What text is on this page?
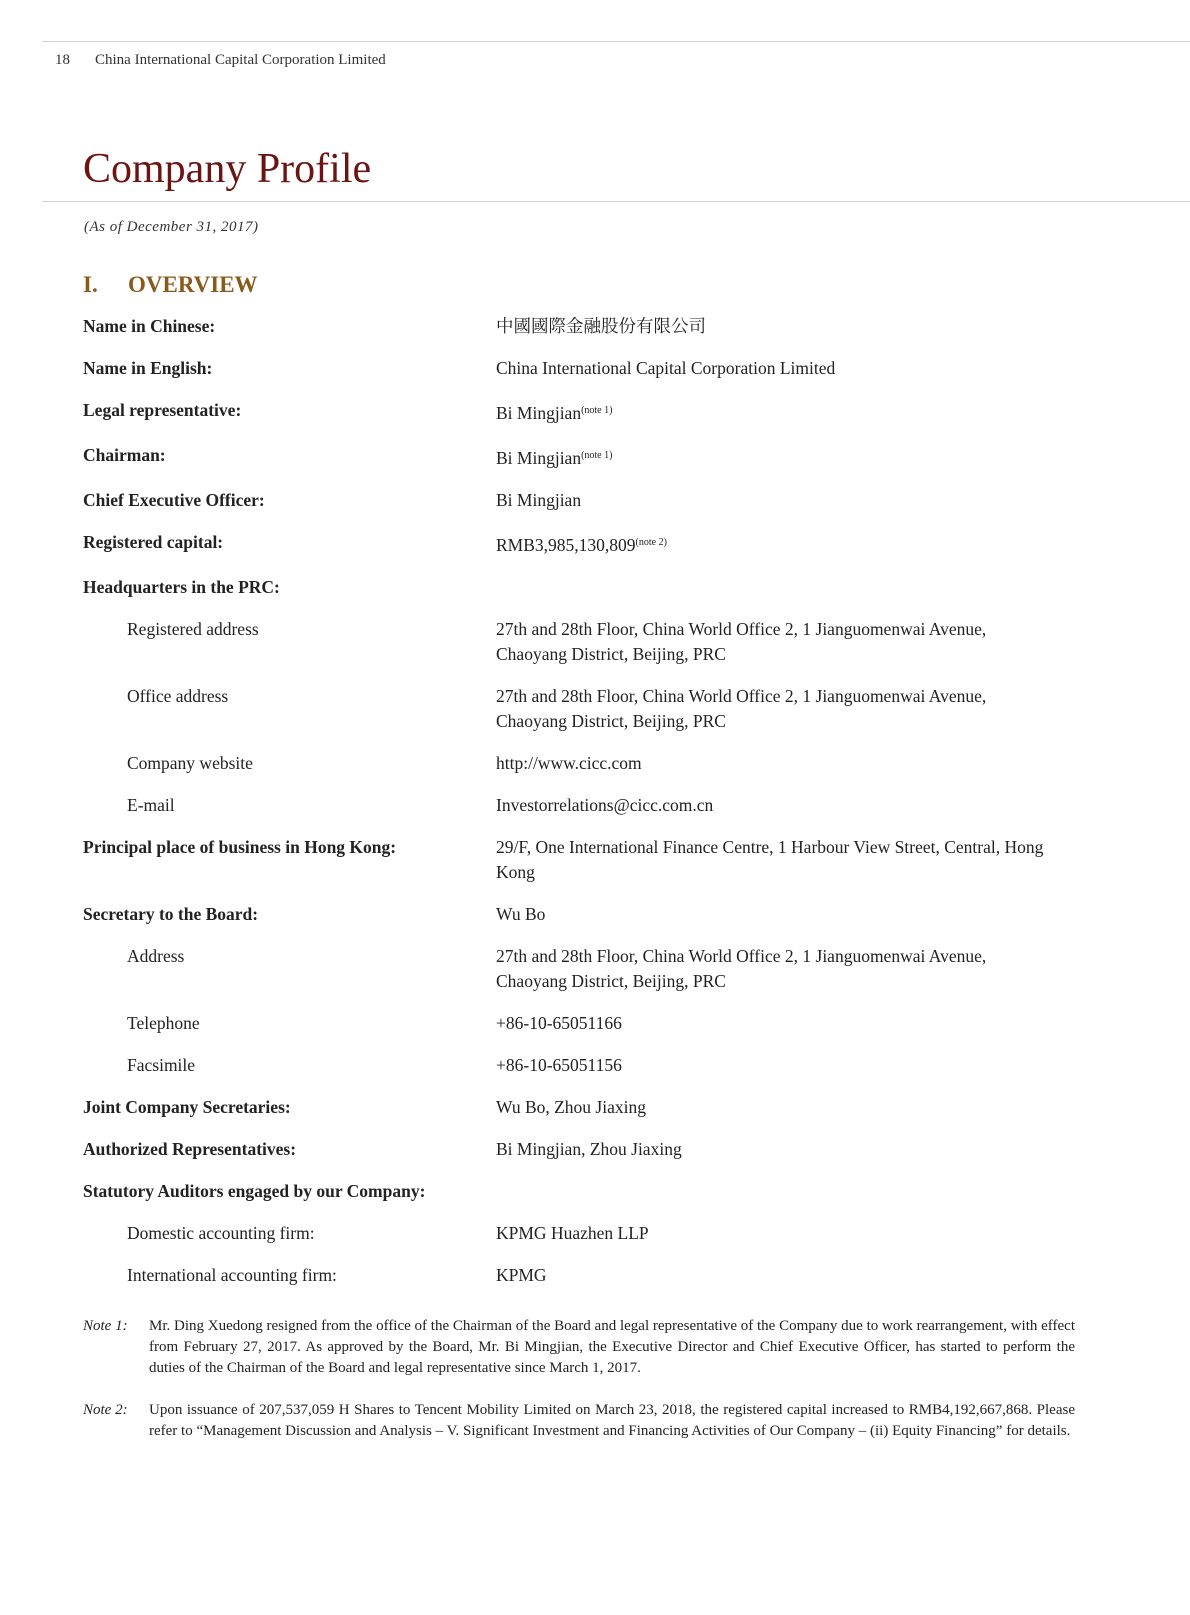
18 China International Capital Corporation Limited
Company Profile
(As of December 31, 2017)
I. OVERVIEW
Name in Chinese:	中國國際金融股份有限公司
Name in English:	China International Capital Corporation Limited
Legal representative:	Bi Mingjian$^{(note 1)}$
Chairman:	Bi Mingjian$^{(note 1)}$
Chief Executive Officer:	Bi Mingjian
Registered capital:	$RMB3,985,130,809^{(note 2)}$
Headquarters in the PRC:
Registered address	27th and 28th Floor, China World Office 2, 1 Jianguomenwai Avenue, Chaoyang District, Beijing, PRC
Office address	27th and 28th Floor, China World Office 2, 1 Jianguomenwai Avenue, Chaoyang District, Beijing, PRC
Company website	http://www.cicc.com
E-mail	Investorrelations@cicc.com.cn
Principal place of business in Hong Kong:	29/F, One International Finance Centre, 1 Harbour View Street, Central, Hong Kong
Secretary to the Board:	Wu Bo
Address	27th and 28th Floor, China World Office 2, 1 Jianguomenwai Avenue, Chaoyang District, Beijing, PRC
Telephone	+86-10-65051166
Facsimile	+86-10-65051156
Joint Company Secretaries:	Wu Bo, Zhou Jiaxing
Authorized Representatives:	Bi Mingjian, Zhou Jiaxing
Statutory Auditors engaged by our Company:
Domestic accounting firm:	KPMG Huazhen LLP
International accounting firm:	KPMG
Note 1:	Mr. Ding Xuedong resigned from the office of the Chairman of the Board and legal representative of the Company due to work rearrangement, with effect from February 27, 2017. As approved by the Board, Mr. Bi Mingjian, the Executive Director and Chief Executive Officer, has started to perform the duties of the Chairman of the Board and legal representative since March 1, 2017.
Note 2:	Upon issuance of 207,537,059 H Shares to Tencent Mobility Limited on March 23, 2018, the registered capital increased to RMB4,192,667,868. Please refer to “Management Discussion and Analysis – V. Significant Investment and Financing Activities of Our Company – (ii) Equity Financing” for details.
